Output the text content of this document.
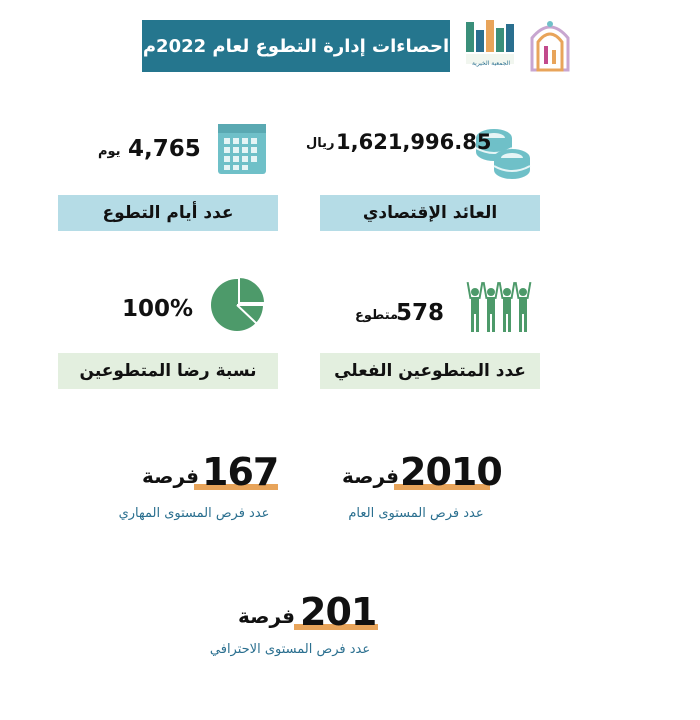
احصاءات إدارة التطوع لعام 2022م
الجمعية الخيرية
1,621,996.85
ريال
العائد الإقتصادي
4,765
يوم
عدد أيام التطوع
578
متطوع
عدد المتطوعين الفعلي
100%
نسبة رضا المتطوعين
2010
فرصة
عدد فرص المستوى العام
167
فرصة
عدد فرص المستوى المهاري
201
فرصة
عدد فرص المستوى الاحترافي
